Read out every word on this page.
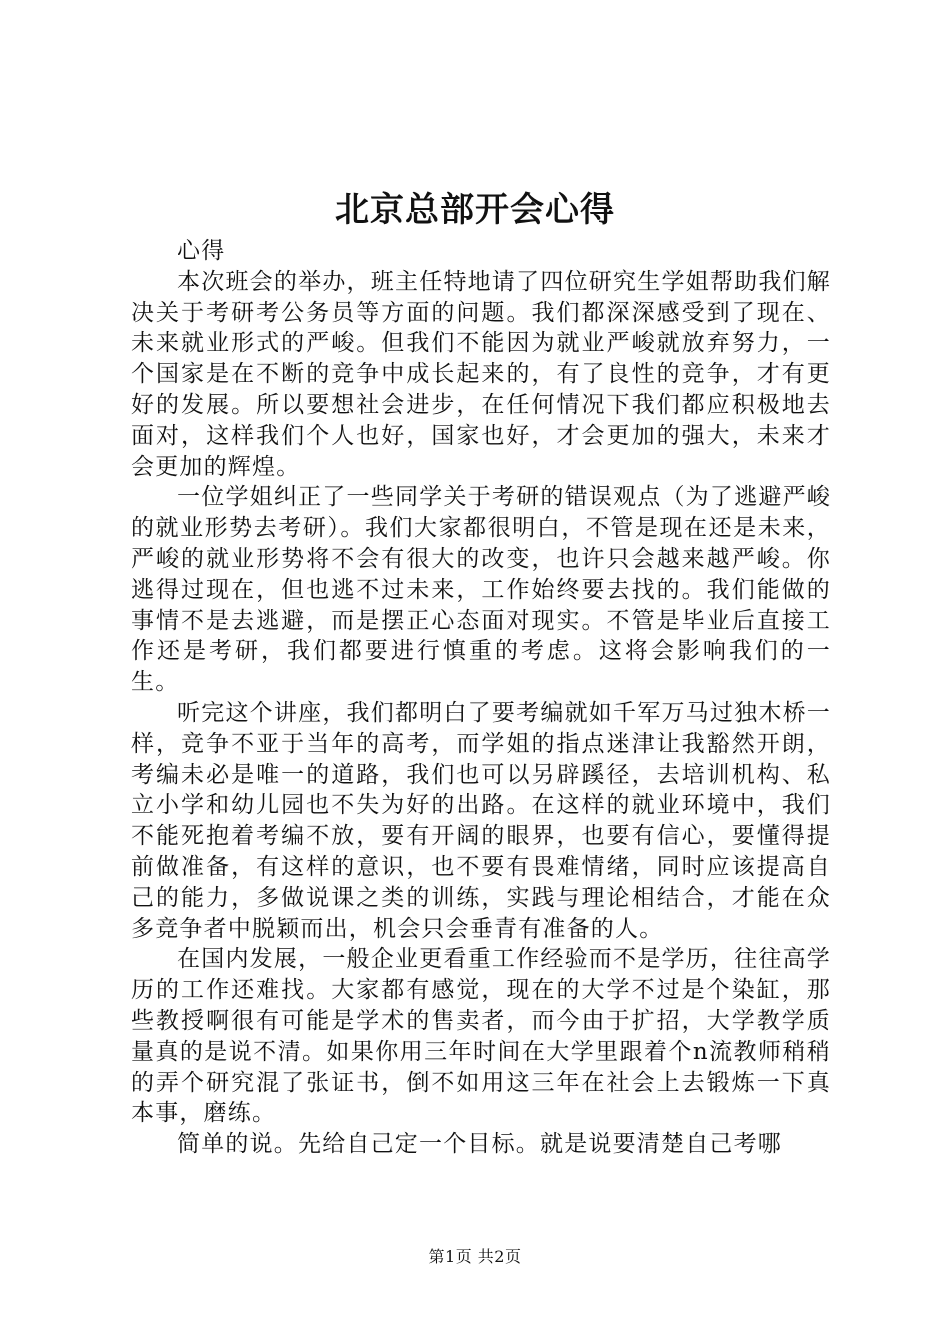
北京总部开会心得

心得

本次班会的举办，班主任特地请了四位研究生学姐帮助我们解决关于考研考公务员等方面的问题。我们都深深感受到了现在、未来就业形式的严峻。但我们不能因为就业严峻就放弃努力，一个国家是在不断的竞争中成长起来的，有了良性的竞争，才有更好的发展。所以要想社会进步，在任何情况下我们都应积极地去面对，这样我们个人也好，国家也好，才会更加的强大，未来才会更加的辉煌。

一位学姐纠正了一些同学关于考研的错误观点（为了逃避严峻的就业形势去考研）。我们大家都很明白，不管是现在还是未来，严峻的就业形势将不会有很大的改变，也许只会越来越严峻。你逃得过现在，但也逃不过未来，工作始终要去找的。我们能做的事情不是去逃避，而是摆正心态面对现实。不管是毕业后直接工作还是考研，我们都要进行慎重的考虑。这将会影响我们的一生。

听完这个讲座，我们都明白了要考编就如千军万马过独木桥一样，竞争不亚于当年的高考，而学姐的指点迷津让我豁然开朗，考编未必是唯一的道路，我们也可以另辟蹊径，去培训机构、私立小学和幼儿园也不失为好的出路。在这样的就业环境中，我们不能死抱着考编不放，要有开阔的眼界，也要有信心，要懂得提前做准备，有这样的意识，也不要有畏难情绪，同时应该提高自己的能力，多做说课之类的训练，实践与理论相结合，才能在众多竞争者中脱颖而出，机会只会垂青有准备的人。

在国内发展，一般企业更看重工作经验而不是学历，往往高学历的工作还难找。大家都有感觉，现在的大学不过是个染缸，那些教授啊很有可能是学术的售卖者，而今由于扩招，大学教学质量真的是说不清。如果你用三年时间在大学里跟着个n流教师稍稍的弄个研究混了张证书，倒不如用这三年在社会上去锻炼一下真本事，磨练。

简单的说。先给自己定一个目标。就是说要清楚自己考哪

第1页 共2页
